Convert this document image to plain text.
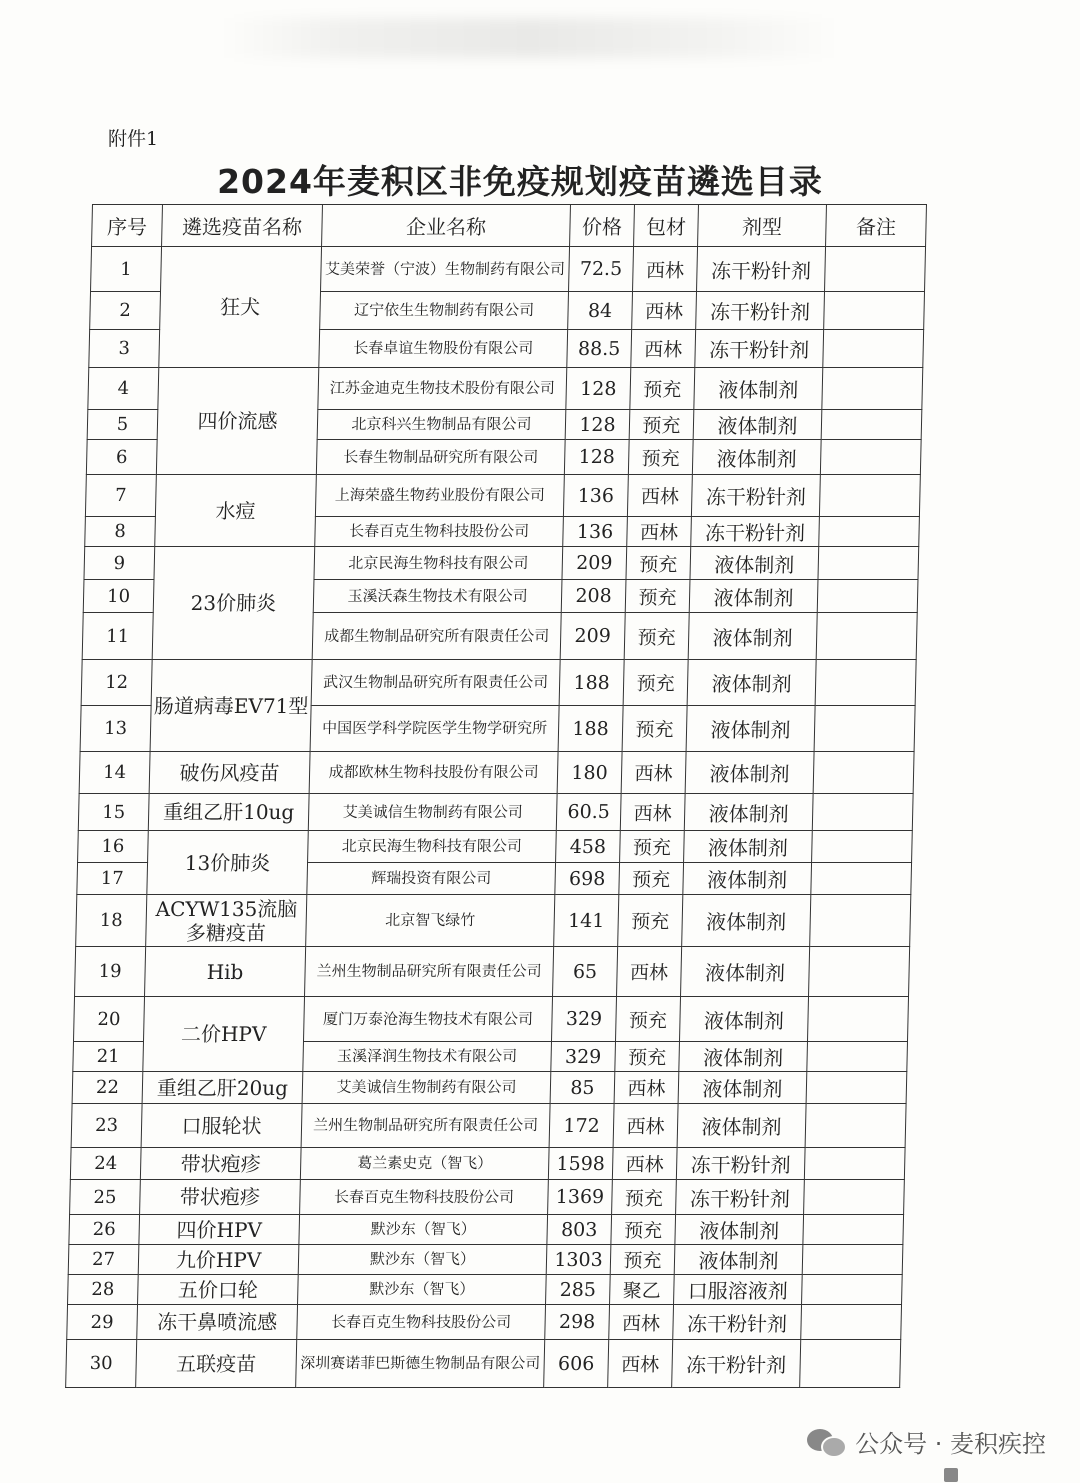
附件1
2024年麦积区非免疫规划疫苗遴选目录
序号	遴选疫苗名称	企业名称	价格	包材	剂型	备注
1	狂犬	艾美荣誉（宁波）生物制药有限公司	72.5	西林	冻干粉针剂	
2		辽宁依生生物制药有限公司	84	西林	冻干粉针剂	
3		长春卓谊生物股份有限公司	88.5	西林	冻干粉针剂	
4	四价流感	江苏金迪克生物技术股份有限公司	128	预充	液体制剂	
5		北京科兴生物制品有限公司	128	预充	液体制剂	
6		长春生物制品研究所有限公司	128	预充	液体制剂	
7	水痘	上海荣盛生物药业股份有限公司	136	西林	冻干粉针剂	
8		长春百克生物科技股份公司	136	西林	冻干粉针剂	
9	23价肺炎	北京民海生物科技有限公司	209	预充	液体制剂	
10		玉溪沃森生物技术有限公司	208	预充	液体制剂	
11		成都生物制品研究所有限责任公司	209	预充	液体制剂	
12	肠道病毒EV71型	武汉生物制品研究所有限责任公司	188	预充	液体制剂	
13		中国医学科学院医学生物学研究所	188	预充	液体制剂	
14	破伤风疫苗	成都欧林生物科技股份有限公司	180	西林	液体制剂	
15	重组乙肝10ug	艾美诚信生物制药有限公司	60.5	西林	液体制剂	
16	13价肺炎	北京民海生物科技有限公司	458	预充	液体制剂	
17		辉瑞投资有限公司	698	预充	液体制剂	
18	ACYW135流脑多糖疫苗	北京智飞绿竹	141	预充	液体制剂	
19	Hib	兰州生物制品研究所有限责任公司	65	西林	液体制剂	
20	二价HPV	厦门万泰沧海生物技术有限公司	329	预充	液体制剂	
21		玉溪泽润生物技术有限公司	329	预充	液体制剂	
22	重组乙肝20ug	艾美诚信生物制药有限公司	85	西林	液体制剂	
23	口服轮状	兰州生物制品研究所有限责任公司	172	西林	液体制剂	
24	带状疱疹	葛兰素史克（智飞）	1598	西林	冻干粉针剂	
25	带状疱疹	长春百克生物科技股份公司	1369	预充	冻干粉针剂	
26	四价HPV	默沙东（智飞）	803	预充	液体制剂	
27	九价HPV	默沙东（智飞）	1303	预充	液体制剂	
28	五价口轮	默沙东（智飞）	285	聚乙	口服溶液剂	
29	冻干鼻喷流感	长春百克生物科技股份公司	298	西林	冻干粉针剂	
30	五联疫苗	深圳赛诺菲巴斯德生物制品有限公司	606	西林	冻干粉针剂	
公众号 · 麦积疾控
